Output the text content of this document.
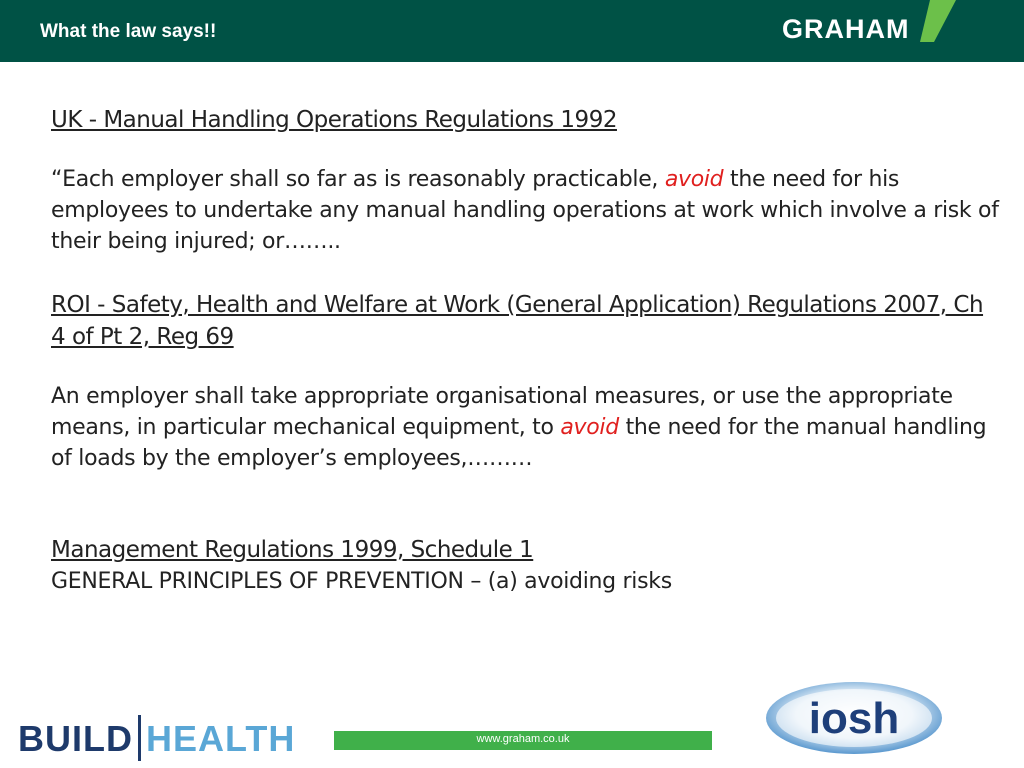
What the law says!!	GRAHAM

UK - Manual Handling Operations Regulations 1992

“Each employer shall so far as is reasonably practicable, avoid the need for his employees to undertake any manual handling operations at work which involve a risk of their being injured; or……..

ROI - Safety, Health and Welfare at Work (General Application) Regulations 2007, Ch 4 of Pt 2, Reg 69

An employer shall take appropriate organisational measures, or use the appropriate means, in particular mechanical equipment, to avoid the need for the manual handling of loads by the employer’s employees,………

Management Regulations 1999, Schedule 1

GENERAL PRINCIPLES OF PREVENTION – (a) avoiding risks

BUILD HEALTH	www.graham.co.uk	iosh
